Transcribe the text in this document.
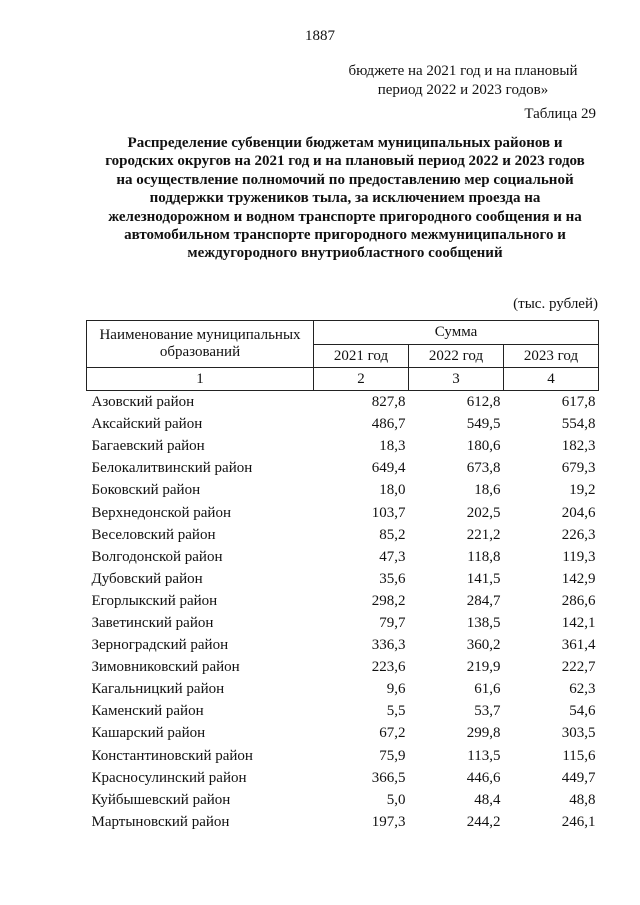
1887
бюджете на 2021 год и на плановый
период 2022 и 2023 годов»
Таблица 29
Распределение субвенции бюджетам муниципальных районов и городских округов на 2021 год и на плановый период 2022 и 2023 годов на осуществление полномочий по предоставлению мер социальной поддержки тружеников тыла, за исключением проезда на железнодорожном и водном транспорте пригородного сообщения и на автомобильном транспорте пригородного межмуниципального и междугородного внутриобластного сообщений
(тыс. рублей)
Наименование муниципальных образований	Сумма		
	2021 год	2022 год	2023 год
1	2	3	4
Азовский район	827,8	612,8	617,8
Аксайский район	486,7	549,5	554,8
Багаевский район	18,3	180,6	182,3
Белокалитвинский район	649,4	673,8	679,3
Боковский район	18,0	18,6	19,2
Верхнедонской район	103,7	202,5	204,6
Веселовский район	85,2	221,2	226,3
Волгодонской район	47,3	118,8	119,3
Дубовский район	35,6	141,5	142,9
Егорлыкский район	298,2	284,7	286,6
Заветинский район	79,7	138,5	142,1
Зерноградский район	336,3	360,2	361,4
Зимовниковский район	223,6	219,9	222,7
Кагальницкий район	9,6	61,6	62,3
Каменский район	5,5	53,7	54,6
Кашарский район	67,2	299,8	303,5
Константиновский район	75,9	113,5	115,6
Красносулинский район	366,5	446,6	449,7
Куйбышевский район	5,0	48,4	48,8
Мартыновский район	197,3	244,2	246,1
